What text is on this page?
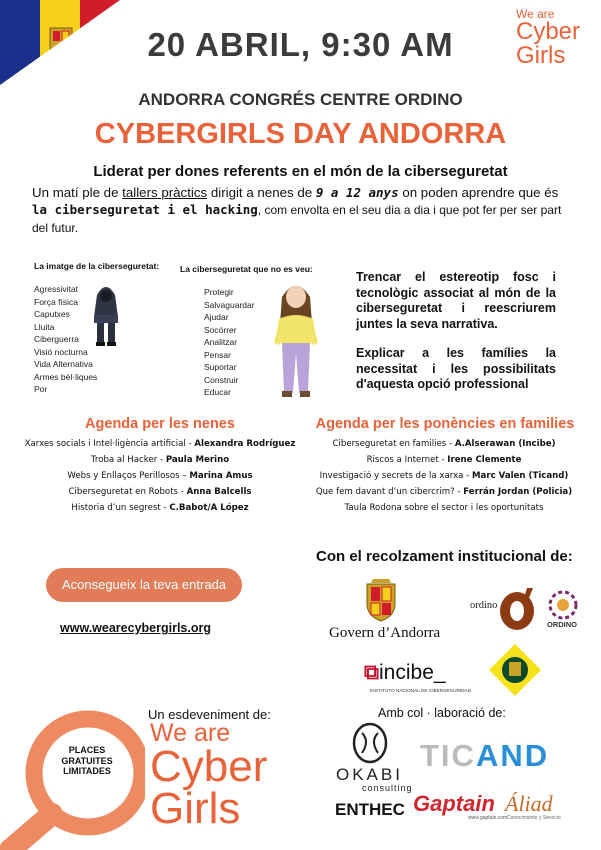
20 ABRIL, 9:30 AM
We are
Cyber
Girls
ANDORRA CONGRÉS CENTRE ORDINO
CYBERGIRLS DAY ANDORRA
Liderat per dones referents en el món de la ciberseguretat
Un matí ple de tallers pràctics dirigit a nenes de 9 a 12 anys on poden aprendre que és la ciberseguretat i el hacking, com envolta en el seu dia a dia i que pot fer per ser part del futur.
La imatge de la ciberseguretat:
Agressivitat
Força física
Caputxes
Lluita
Ciberguerra
Visió nocturna
Vida Alternativa
Armes bèl·liques
Por
La ciberseguretat que no es veu:
Protegir
Salvaguardar
Ajudar
Socórrer
Analitzar
Pensar
Suportar
Construir
Educar
Trencar el estereotip fosc i tecnològic associat al món de la ciberseguretat i reescriurem juntes la seva narrativa.
Explicar a les famílies la necessitat i les possibilitats d'aquesta opció professional
Agenda per les nenes
Xarxes socials i Intel·ligència artificial - Alexandra Rodríguez
Troba al Hacker - Paula Merino
Webs y Enllaços Perillosos – Marina Amus
Ciberseguretat en Robots - Anna Balcells
Historia d’un segrest - C.Babot/A López
Agenda per les ponències en families
Ciberseguretat en families - A.Alserawan (Incibe)
Riscos a Internet - Irene Clemente
Investigació y secrets de la xarxa - Marc Valen (Ticand)
Que fem davant d’un cibercrim? - Ferrán Jordan (Policia)
Taula Rodona sobre el sector i les oportunitats
Con el recolzament institucional de:
Aconsegueix la teva entrada
www.wearecybergirls.org	Govern d’Andorra
ordino
ORDINO
⧉incibe_
INSTITUTO NACIONAL DE CIBERSEGURIDAD
PLACES GRATUITES LIMITADES
Un esdeveniment de:
We are
Cyber
Girls
Amb col · laboració de:
OKABI
consulting
TICAND
ENTHEC Gaptain
www.gaptain.com
Áliad
Conocimiento y Servicio
